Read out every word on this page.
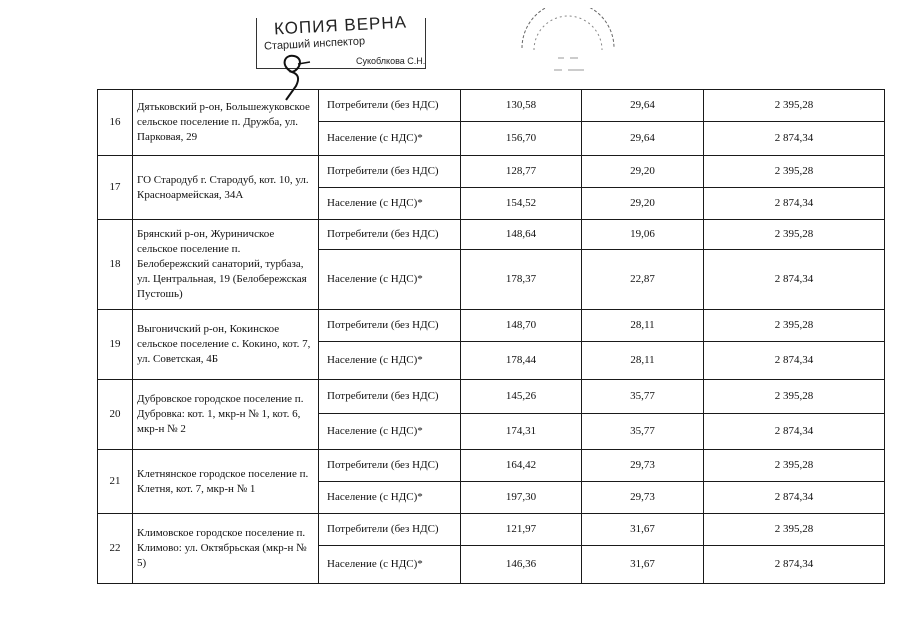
КОПИЯ ВЕРНА
Старший инспектор
Сукоблкова С.Н.
16	Дятьковский р-он, Большежуковское сельское поселение п. Дружба, ул. Парковая, 29	Потребители (без НДС)	130,58	29,64	2 395,28
		Население (с НДС)*	156,70	29,64	2 874,34
17	ГО Стародуб г. Стародуб, кот. 10, ул. Красноармейская, 34А	Потребители (без НДС)	128,77	29,20	2 395,28
		Население (с НДС)*	154,52	29,20	2 874,34
18	Брянский р-он, Журиничское сельское поселение п. Белобережский санаторий, турбаза, ул. Центральная, 19 (Белобережская Пустошь)	Потребители (без НДС)	148,64	19,06	2 395,28
		Население (с НДС)*	178,37	22,87	2 874,34
19	Выгоничский р-он, Кокинское сельское поселение с. Кокино, кот. 7, ул. Советская, 4Б	Потребители (без НДС)	148,70	28,11	2 395,28
		Население (с НДС)*	178,44	28,11	2 874,34
20	Дубровское городское поселение п. Дубровка: кот. 1, мкр-н № 1, кот. 6, мкр-н № 2	Потребители (без НДС)	145,26	35,77	2 395,28
		Население (с НДС)*	174,31	35,77	2 874,34
21	Клетнянское городское поселение п. Клетня, кот. 7, мкр-н № 1	Потребители (без НДС)	164,42	29,73	2 395,28
		Население (с НДС)*	197,30	29,73	2 874,34
22	Климовское городское поселение п. Климово: ул. Октябрьская (мкр-н № 5)	Потребители (без НДС)	121,97	31,67	2 395,28
		Население (с НДС)*	146,36	31,67	2 874,34
